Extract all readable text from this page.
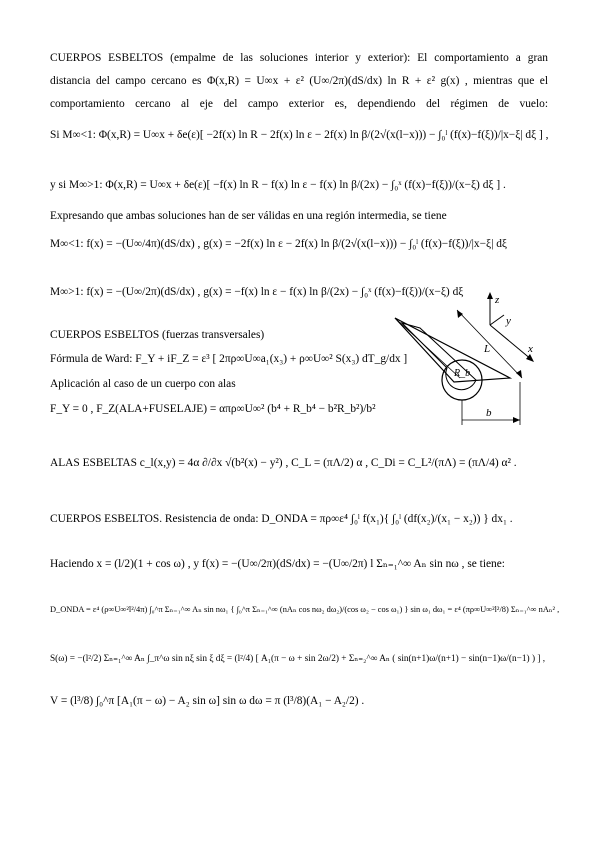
CUERPOS ESBELTOS (empalme de las soluciones interior y exterior): El comportamiento a gran
distancia del campo cercano es Φ(x,R) = U∞x + ε² (U∞/2π)(dS/dx) ln R + ε² g(x) , mientras que el
comportamiento cercano al eje del campo exterior es, dependiendo del régimen de vuelo:
Si M∞<1: Φ(x,R) = U∞x + δe(ε)[ −2f(x) ln R − 2f(x) ln ε − 2f(x) ln β/(2√(x(l−x))) − ∫₀ˡ (f(x)−f(ξ))/|x−ξ| dξ ] ,
y si M∞>1: Φ(x,R) = U∞x + δe(ε)[ −f(x) ln R − f(x) ln ε − f(x) ln β/(2x) − ∫₀ˣ (f(x)−f(ξ))/(x−ξ) dξ ] .
Expresando que ambas soluciones han de ser válidas en una región intermedia, se tiene
M∞<1: f(x) = −(U∞/4π)(dS/dx) , g(x) = −2f(x) ln ε − 2f(x) ln β/(2√(x(l−x))) − ∫₀ˡ (f(x)−f(ξ))/|x−ξ| dξ
M∞>1: f(x) = −(U∞/2π)(dS/dx) , g(x) = −f(x) ln ε − f(x) ln β/(2x) − ∫₀ˣ (f(x)−f(ξ))/(x−ξ) dξ
CUERPOS ESBELTOS (fuerzas transversales)
Fórmula de Ward: F_Y + iF_Z = ε³ [ 2πρ∞U∞a₁(x₃) + ρ∞U∞² S(x₃) dT_g/dx ]
Aplicación al caso de un cuerpo con alas
F_Y = 0 , F_Z(ALA+FUSELAJE) = απρ∞U∞² (b⁴ + R_b⁴ − b²R_b²)/b²
z
y
x
R_b
L
b
ALAS ESBELTAS c_l(x,y) = 4α ∂/∂x √(b²(x) − y²) , C_L = (πΛ/2) α , C_Di = C_L²/(πΛ) = (πΛ/4) α² .
CUERPOS ESBELTOS. Resistencia de onda: D_ONDA = πρ∞ε⁴ ∫₀ˡ f(x₁){ ∫₀ˡ (df(x₂)/(x₁ − x₂)) } dx₁ .
Haciendo x = (l/2)(1 + cos ω) , y f(x) = −(U∞/2π)(dS/dx) = −(U∞/2π) l Σₙ₌₁^∞ Aₙ sin nω , se tiene:
D_ONDA = ε⁴ (ρ∞U∞²l²/4π) ∫₀^π Σₙ₌₁^∞ Aₙ sin nω₁ { ∫₀^π Σₙ₌₁^∞ (nAₙ cos nω₂ dω₂)/(cos ω₂ − cos ω₁) } sin ω₁ dω₁ = ε⁴ (πρ∞U∞²l²/8) Σₙ₌₁^∞ nAₙ² ,
S(ω) = −(l²/2) Σₙ₌₁^∞ Aₙ ∫_π^ω sin nξ sin ξ dξ = (l²/4) [ A₁(π − ω + sin 2ω/2) + Σₙ₌₂^∞ Aₙ ( sin(n+1)ω/(n+1) − sin(n−1)ω/(n−1) ) ] ,
V = (l³/8) ∫₀^π [A₁(π − ω) − A₂ sin ω] sin ω dω = π (l³/8)(A₁ − A₂/2) .
